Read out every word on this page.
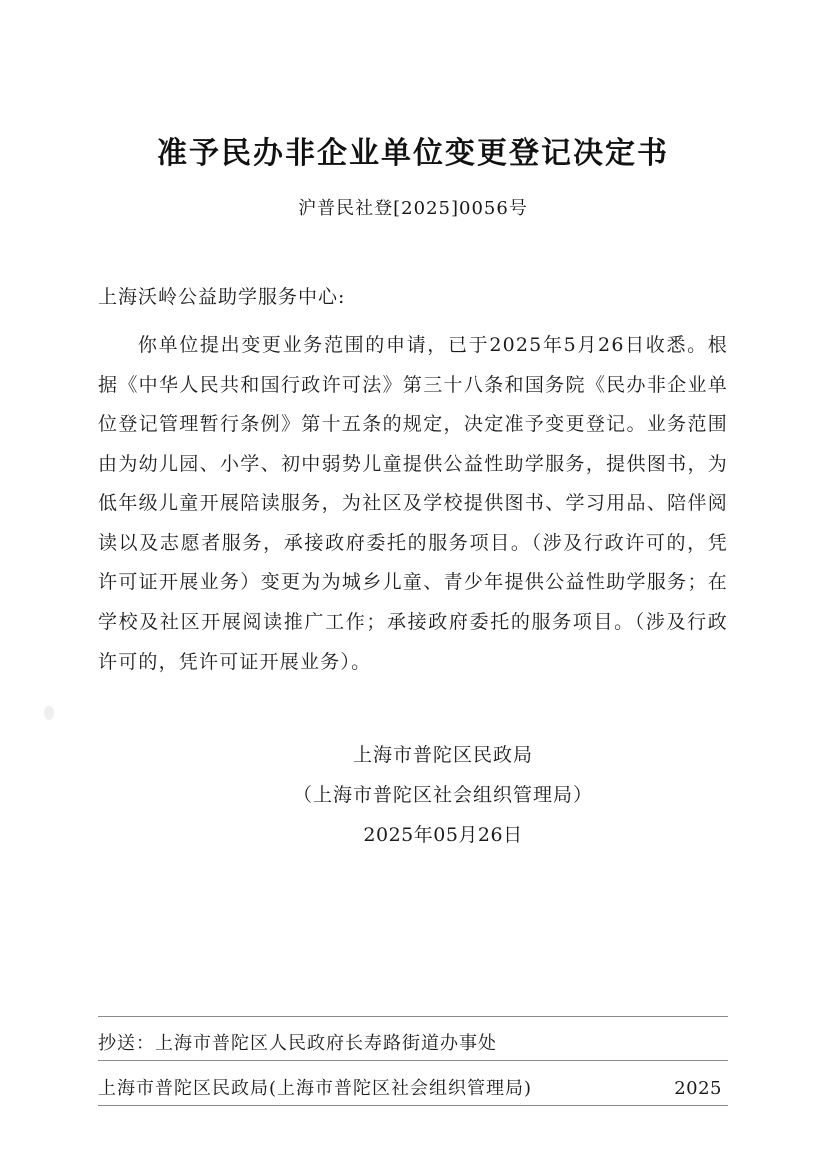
准予民办非企业单位变更登记决定书
沪普民社登[2025]0056号
上海沃岭公益助学服务中心:
你单位提出变更业务范围的申请，已于2025年5月26日收悉。根据《中华人民共和国行政许可法》第三十八条和国务院《民办非企业单位登记管理暂行条例》第十五条的规定，决定准予变更登记。业务范围由为幼儿园、小学、初中弱势儿童提供公益性助学服务，提供图书，为低年级儿童开展陪读服务，为社区及学校提供图书、学习用品、陪伴阅读以及志愿者服务，承接政府委托的服务项目。（涉及行政许可的，凭许可证开展业务）变更为为城乡儿童、青少年提供公益性助学服务；在学校及社区开展阅读推广工作；承接政府委托的服务项目。（涉及行政许可的，凭许可证开展业务）。
上海市普陀区民政局
（上海市普陀区社会组织管理局）
2025年05月26日
抄送：上海市普陀区人民政府长寿路街道办事处
上海市普陀区民政局(上海市普陀区社会组织管理局)	2025
